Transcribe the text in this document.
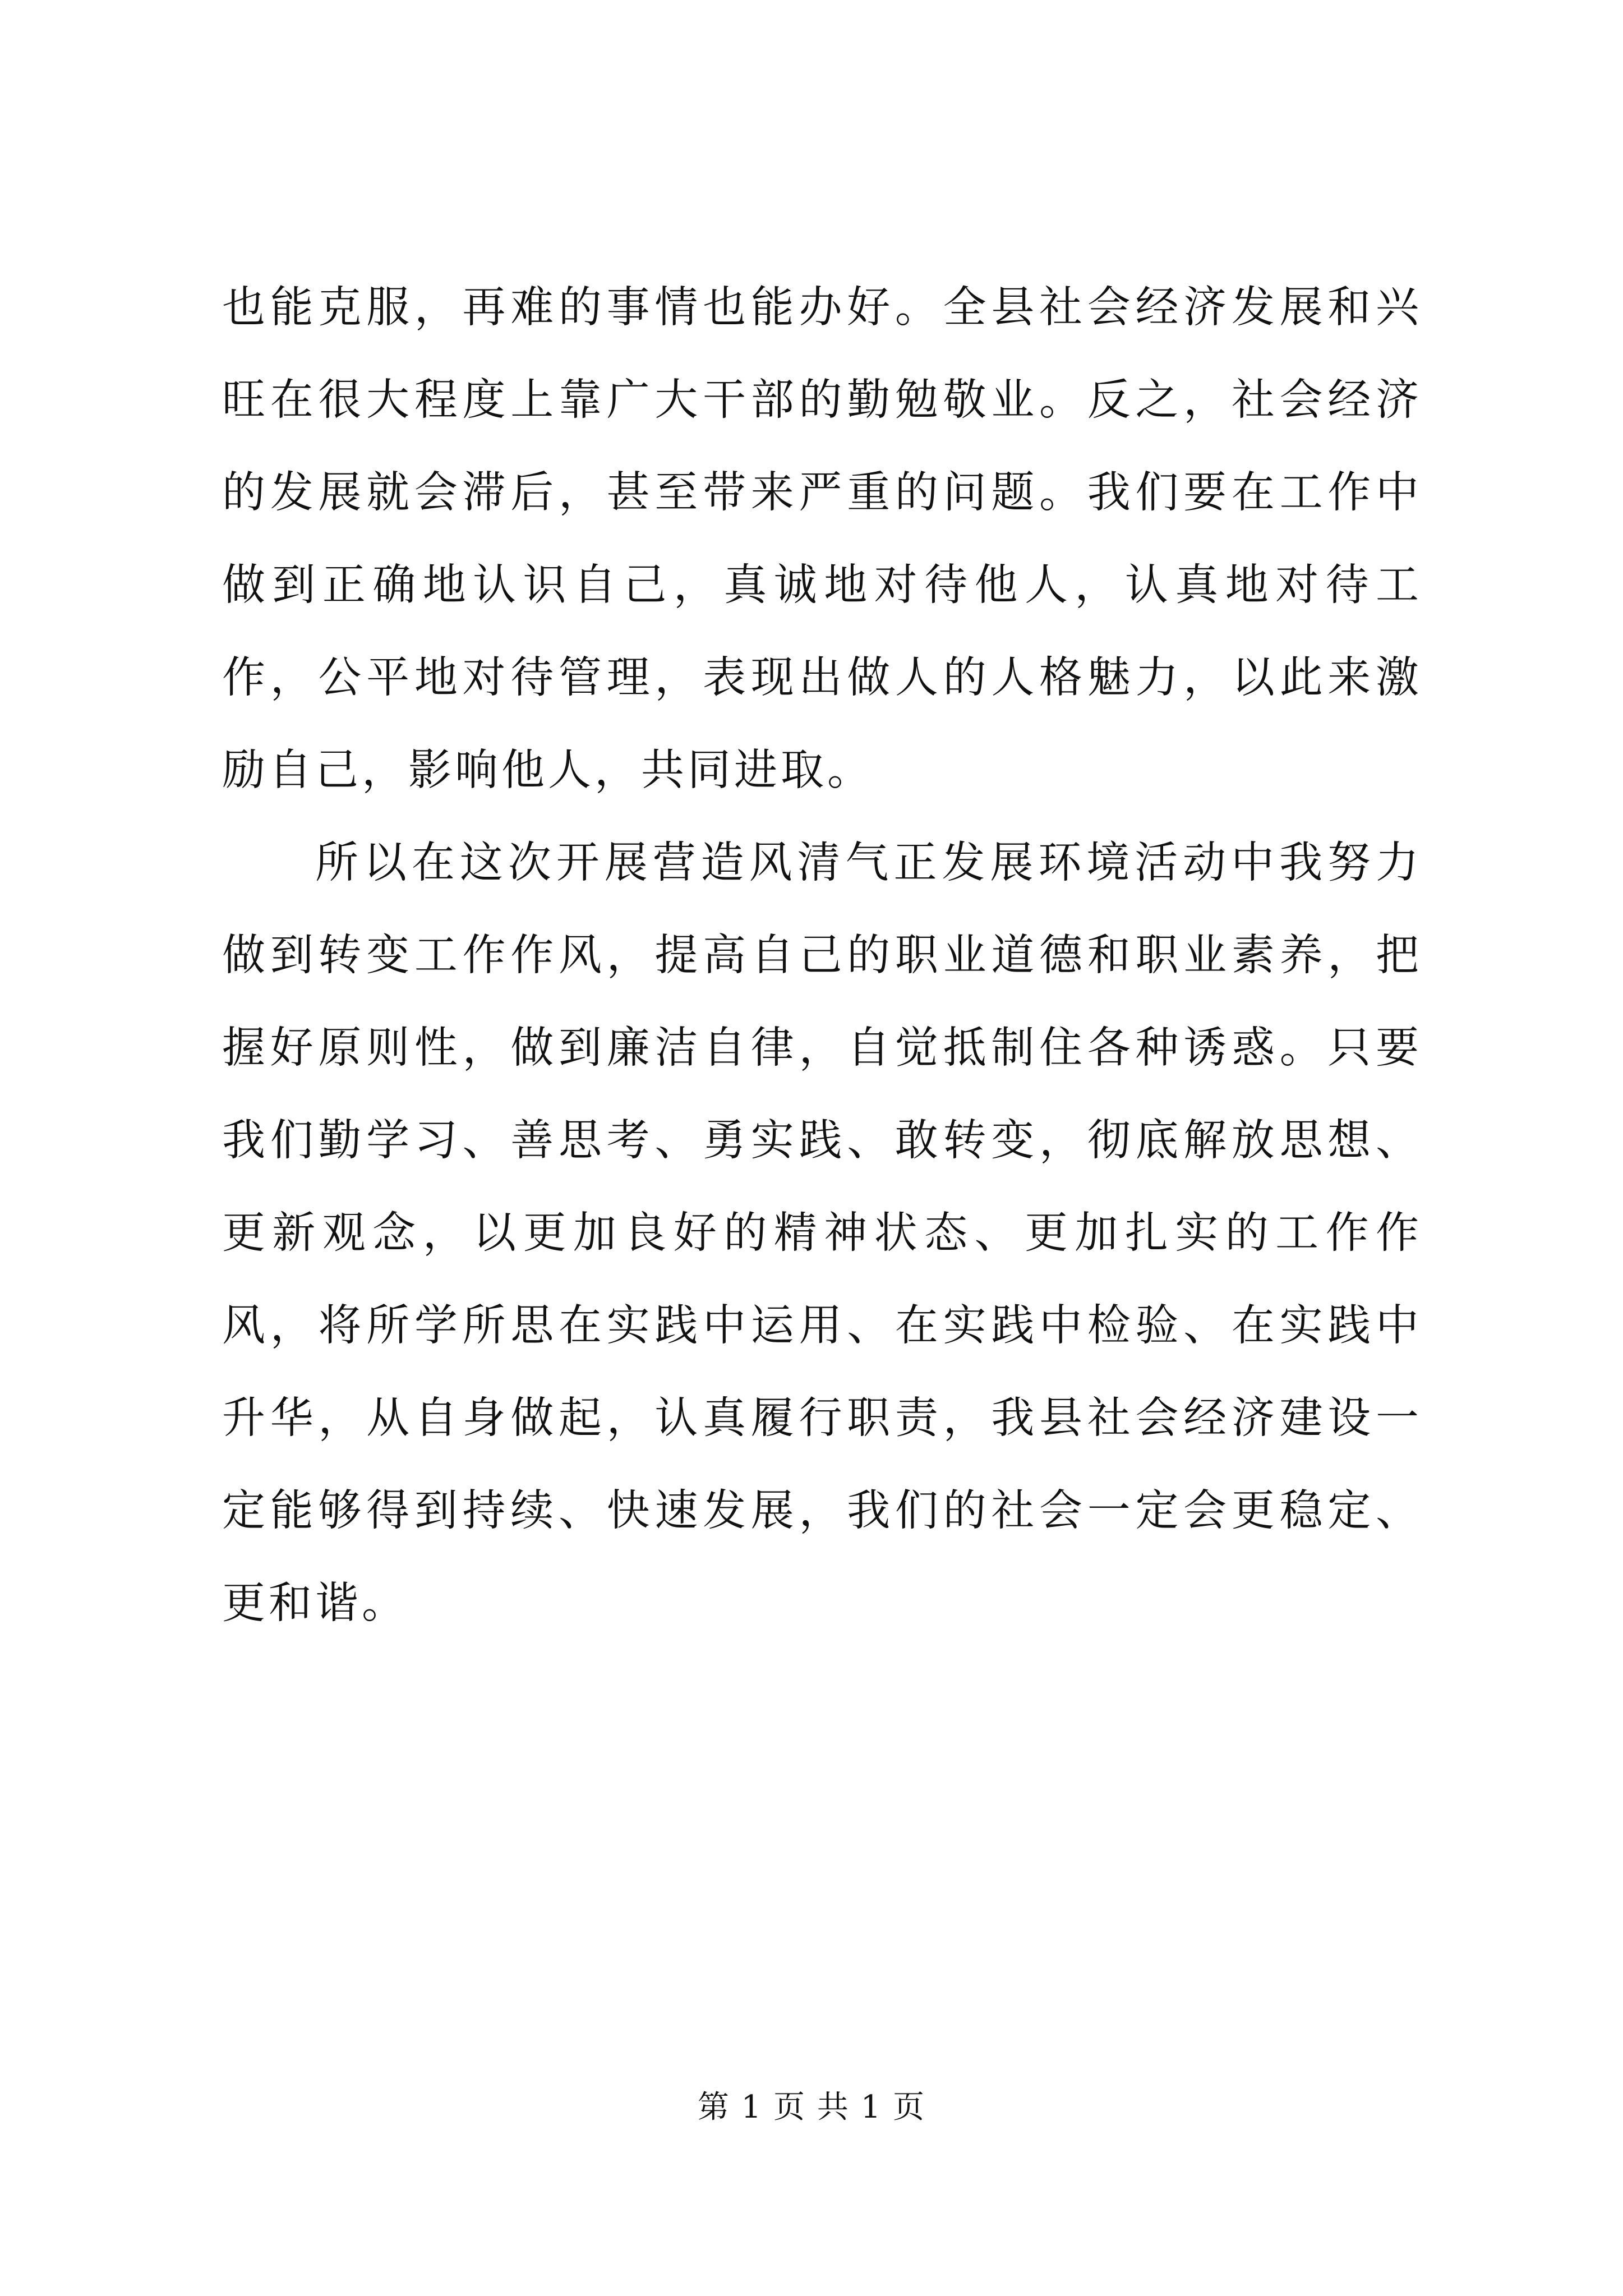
也能克服，再难的事情也能办好。全县社会经济发展和兴旺在很大程度上靠广大干部的勤勉敬业。反之，社会经济的发展就会滞后，甚至带来严重的问题。我们要在工作中做到正确地认识自己，真诚地对待他人，认真地对待工作，公平地对待管理，表现出做人的人格魅力，以此来激励自己，影响他人，共同进取。

所以在这次开展营造风清气正发展环境活动中我努力做到转变工作作风，提高自己的职业道德和职业素养，把握好原则性，做到廉洁自律，自觉抵制住各种诱惑。只要我们勤学习、善思考、勇实践、敢转变，彻底解放思想、更新观念，以更加良好的精神状态、更加扎实的工作作风，将所学所思在实践中运用、在实践中检验、在实践中升华，从自身做起，认真履行职责，我县社会经济建设一定能够得到持续、快速发展，我们的社会一定会更稳定、更和谐。

第 1 页 共 1 页
